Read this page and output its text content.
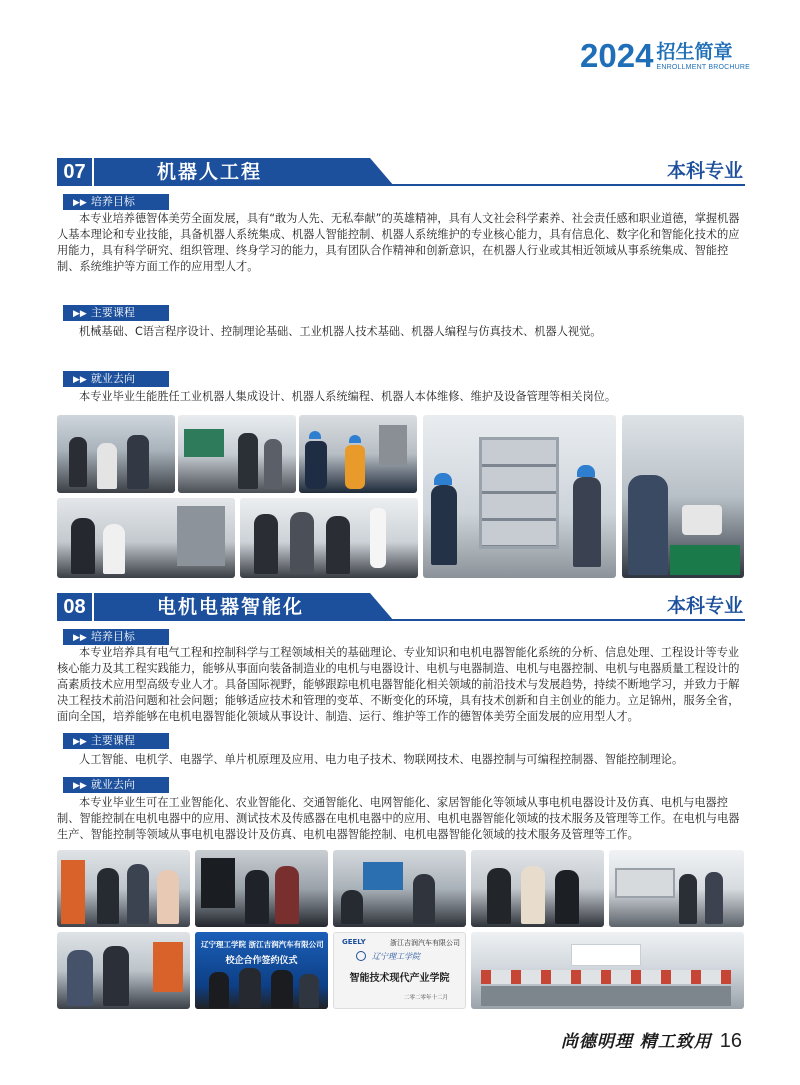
2024 招生简章
ENROLLMENT BROCHURE
07	机器人工程	本科专业
▶▶ 培养目标
本专业培养德智体美劳全面发展，具有“敢为人先、无私奉献”的英雄精神，具有人文社会科学素养、社会责任感和职业道德，掌握机器人基本理论和专业技能，具备机器人系统集成、机器人智能控制、机器人系统维护的专业核心能力，具有信息化、数字化和智能化技术的应用能力，具有科学研究、组织管理、终身学习的能力，具有团队合作精神和创新意识，在机器人行业或其相近领域从事系统集成、智能控制、系统维护等方面工作的应用型人才。
▶▶ 主要课程
机械基础、C语言程序设计、控制理论基础、工业机器人技术基础、机器人编程与仿真技术、机器人视觉。
▶▶ 就业去向
本专业毕业生能胜任工业机器人集成设计、机器人系统编程、机器人本体维修、维护及设备管理等相关岗位。
08	电机电器智能化	本科专业
▶▶ 培养目标
本专业培养具有电气工程和控制科学与工程领域相关的基础理论、专业知识和电机电器智能化系统的分析、信息处理、工程设计等专业核心能力及其工程实践能力，能够从事面向装备制造业的电机与电器设计、电机与电器制造、电机与电器控制、电机与电器质量工程设计的高素质技术应用型高级专业人才。具备国际视野，能够跟踪电机电器智能化相关领域的前沿技术与发展趋势，持续不断地学习，并致力于解决工程技术前沿问题和社会问题；能够适应技术和管理的变革、不断变化的环境，具有技术创新和自主创业的能力。立足锦州，服务全省，面向全国，培养能够在电机电器智能化领域从事设计、制造、运行、维护等工作的德智体美劳全面发展的应用型人才。
▶▶ 主要课程
人工智能、电机学、电器学、单片机原理及应用、电力电子技术、物联网技术、电器控制与可编程控制器、智能控制理论。
▶▶ 就业去向
本专业毕业生可在工业智能化、农业智能化、交通智能化、电网智能化、家居智能化等领域从事电机电器设计及仿真、电机与电器控制、智能控制在电机电器中的应用、测试技术及传感器在电机电器中的应用、电机电器智能化领域的技术服务及管理等工作。在电机与电器生产、智能控制等领域从事电机电器设计及仿真、电机电器智能控制、电机电器智能化领域的技术服务及管理等工作。
辽宁理工学院 浙江吉润汽车有限公司
校企合作签约仪式
GEELY	浙江吉润汽车有限公司
辽宁理工学院
智能技术现代产业学院
二零二零年十二月
尚德明理 精工致用 16
